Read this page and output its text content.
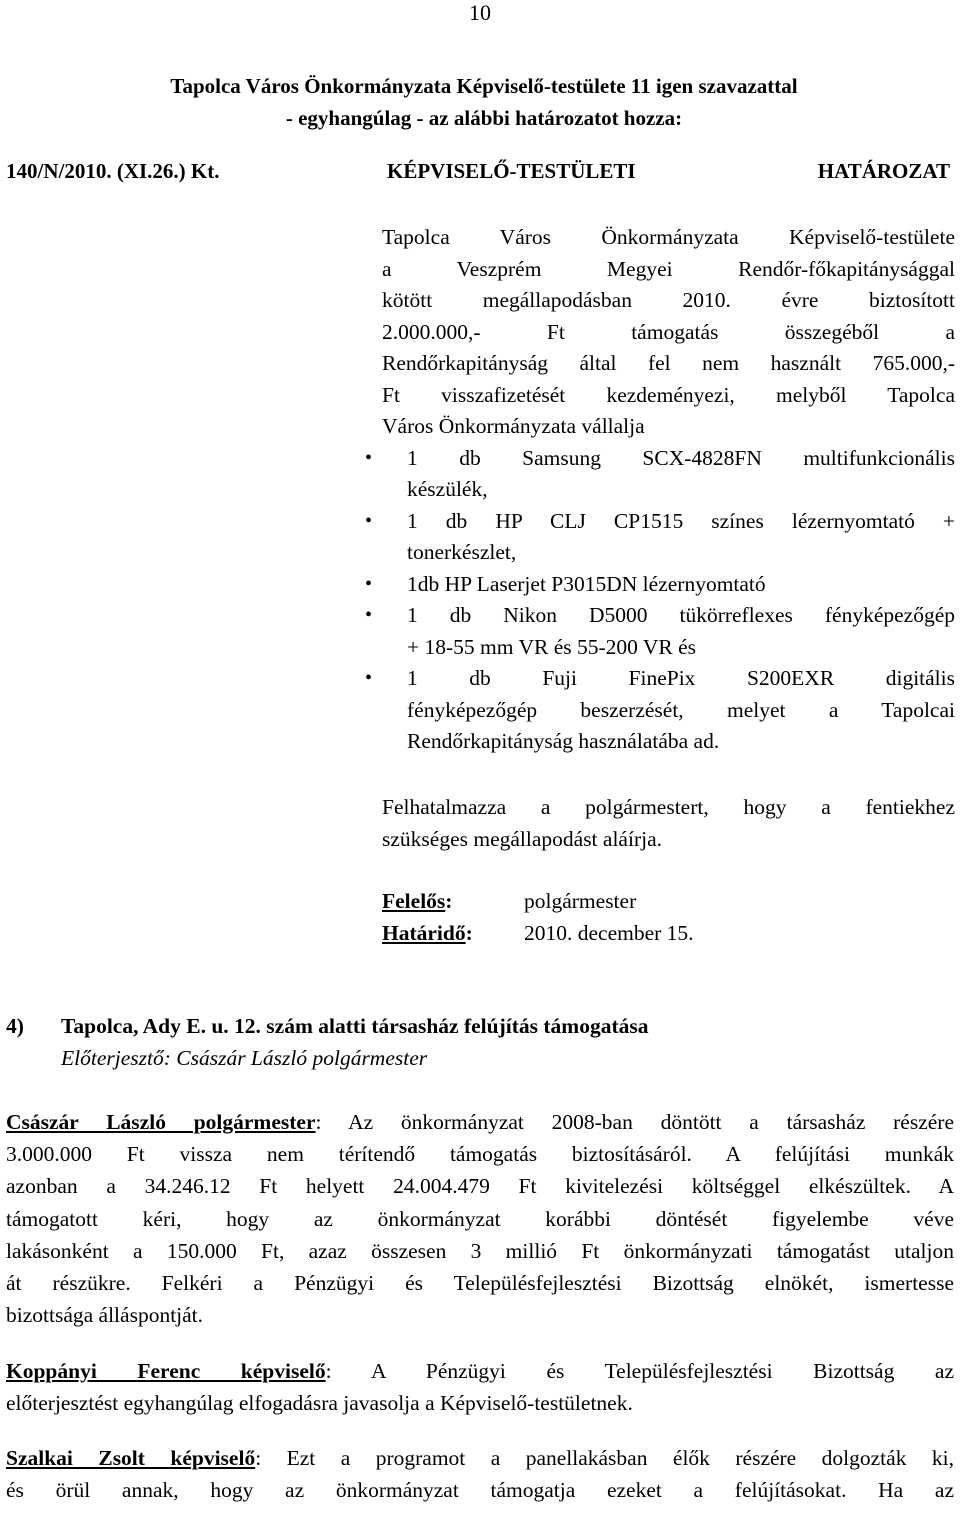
10
Tapolca Város Önkormányzata Képviselő-testülete 11 igen szavazattal
- egyhangúlag - az alábbi határozatot hozza:
140/N/2010. (XI.26.) Kt.	KÉPVISELŐ-TESTÜLETI	HATÁROZAT

Tapolca Város Önkormányzata Képviselő-testülete

a Veszprém Megyei Rendőr-főkapitánysággal

kötött megállapodásban 2010. évre biztosított

2.000.000,- Ft támogatás összegéből a

Rendőrkapitányság által fel nem használt 765.000,-

Ft visszafizetését kezdeményezi, melyből Tapolca

Város Önkormányzata vállalja

• 1 db Samsung SCX-4828FN multifunkcionális
készülék,
• 1 db HP CLJ CP1515 színes lézernyomtató +
tonerkészlet,
• 1db HP Laserjet P3015DN lézernyomtató
• 1 db Nikon D5000 tükörreflexes fényképezőgép
+ 18-55 mm VR és 55-200 VR és
• 1 db Fuji FinePix S200EXR digitális
fényképezőgép beszerzését, melyet a Tapolcai
Rendőrkapitányság használatába ad.
Felhatalmazza a polgármestert, hogy a fentiekhez
szükséges megállapodást aláírja.
Felelős:	polgármester
Határidő:	2010. december 15.
4) Tapolca, Ady E. u. 12. szám alatti társasház felújítás támogatása
Előterjesztő: Császár László polgármester
Császár László polgármester: Az önkormányzat 2008-ban döntött a társasház részére
3.000.000 Ft vissza nem térítendő támogatás biztosításáról. A felújítási munkák
azonban a 34.246.12 Ft helyett 24.004.479 Ft kivitelezési költséggel elkészültek. A
támogatott kéri, hogy az önkormányzat korábbi döntését figyelembe véve
lakásonként a 150.000 Ft, azaz összesen 3 millió Ft önkormányzati támogatást utaljon
át részükre. Felkéri a Pénzügyi és Településfejlesztési Bizottság elnökét, ismertesse
bizottsága álláspontját.
Koppányi Ferenc képviselő: A Pénzügyi és Településfejlesztési Bizottság az
előterjesztést egyhangúlag elfogadásra javasolja a Képviselő-testületnek.
Szalkai Zsolt képviselő: Ezt a programot a panellakásban élők részére dolgozták ki,
és örül annak, hogy az önkormányzat támogatja ezeket a felújításokat. Ha az
